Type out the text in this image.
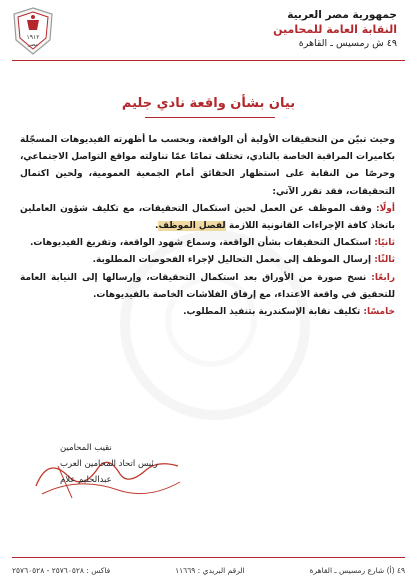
١٩١٢
مصر
جمهورية مصر العربية
النقابة العامة للمحامين
٤٩ ش رمسيس ـ القاهرة
بيان بشأن واقعة نادي جليم

وحيث تبيّن من التحقيقات الأولية أن الواقعة، وبحسب ما أظهرته الفيديوهات المسجّلة بكاميرات المراقبة الخاصة بالنادي، تختلف تمامًا عمّا تناولته مواقع التواصل الاجتماعي، وحرصًا من النقابة على استظهار الحقائق أمام الجمعية العمومية، ولحين اكتمال التحقيقات، فقد تقرر الآتي:

أولًا: وقف الموظف عن العمل لحين استكمال التحقيقات، مع تكليف شؤون العاملين باتخاذ كافة الإجراءات القانونية اللازمة لفصل الموظف.

ثانيًا: استكمال التحقيقات بشأن الواقعة، وسماع شهود الواقعة، وتفريغ الفيديوهات.

ثالثًا: إرسال الموظف إلى معمل التحاليل لإجراء الفحوصات المطلوبة.

رابعًا: نسخ صورة من الأوراق بعد استكمال التحقيقات، وإرسالها إلى النيابة العامة للتحقيق في واقعة الاعتداء، مع إرفاق الفلاشات الخاصة بالفيديوهات.

خامسًا: تكليف نقابة الإسكندرية بتنفيذ المطلوب.

نقيب المحامين
رئيس اتحاد المحامين العرب
عبدالحليم علام
٤٩ (أ) شارع رمسيس ـ القاهرة
الرقم البريدي : ١١٦٦٩
فاكس : ٢٥٧٦٠٥٢٨ - ٢٥٧٦٠٥٢٨
